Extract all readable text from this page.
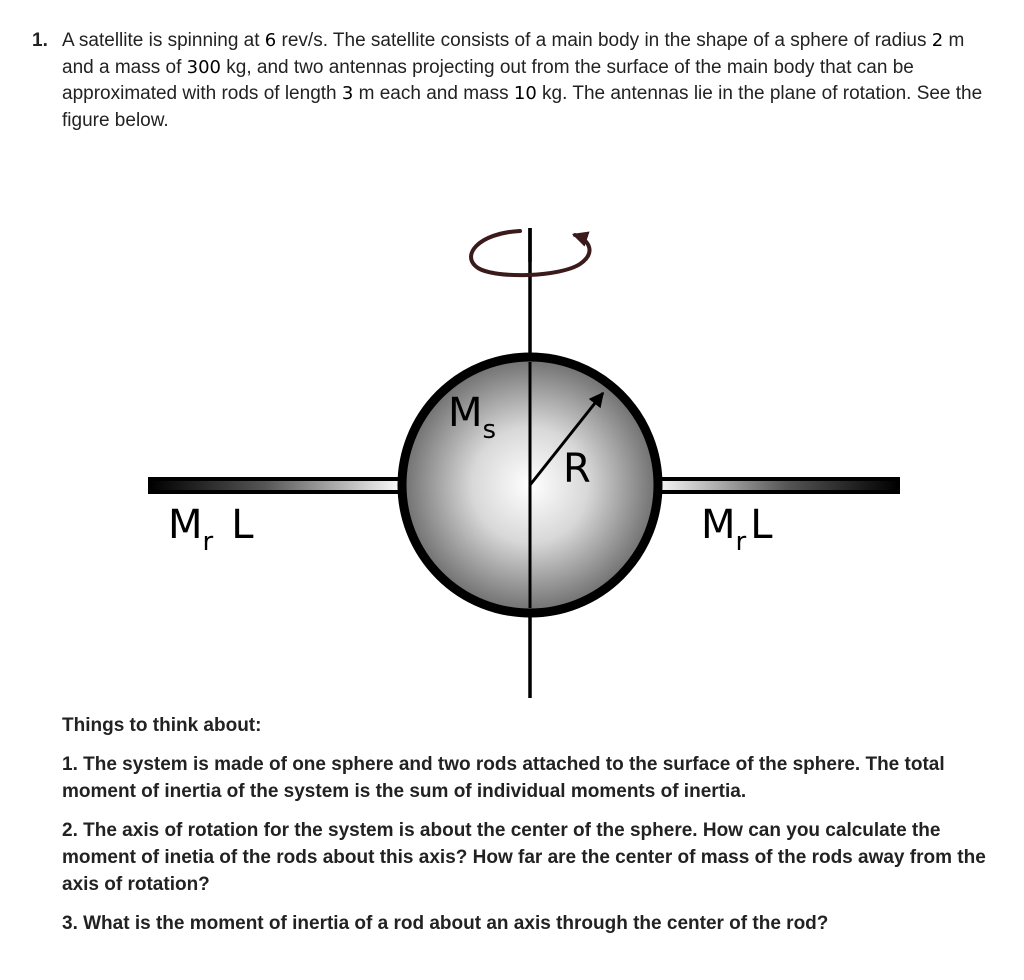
1. A satellite is spinning at 6 rev/s. The satellite consists of a main body in the shape of a sphere of radius 2 m and a mass of 300 kg, and two antennas projecting out from the surface of the main body that can be approximated with rods of length 3 m each and mass 10 kg. The antennas lie in the plane of rotation. See the figure below.
$M_s$
R
$M_r$ L	$M_r$ L
Things to think about:
1. The system is made of one sphere and two rods attached to the surface of the sphere. The total moment of inertia of the system is the sum of individual moments of inertia.
2. The axis of rotation for the system is about the center of the sphere. How can you calculate the moment of inetia of the rods about this axis? How far are the center of mass of the rods away from the axis of rotation?
3. What is the moment of inertia of a rod about an axis through the center of the rod?
